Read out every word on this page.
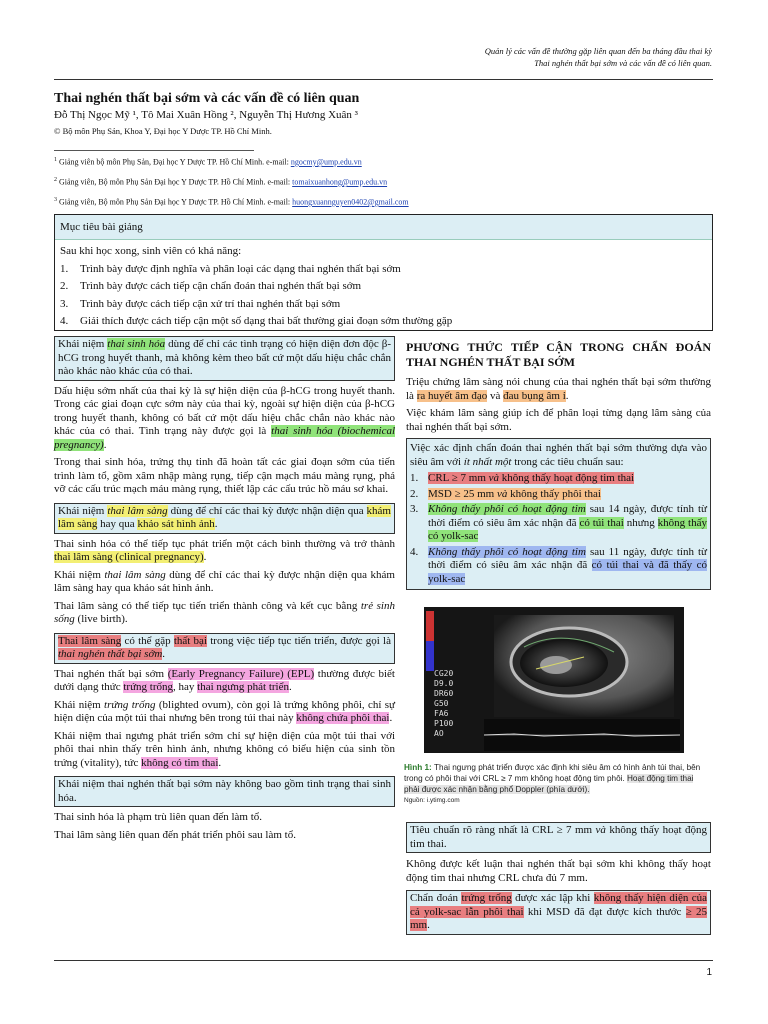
Quản lý các vấn đề thường gặp liên quan đến ba tháng đầu thai kỳ
Thai nghén thất bại sớm và các vấn đề có liên quan.
Thai nghén thất bại sớm và các vấn đề có liên quan
Đỗ Thị Ngọc Mỹ ¹, Tô Mai Xuân Hồng ², Nguyễn Thị Hương Xuân ³
© Bộ môn Phụ Sản, Khoa Y, Đại học Y Dược TP. Hồ Chí Minh.
$^1$ Giảng viên bộ môn Phụ Sản, Đại học Y Dược TP. Hồ Chí Minh. e-mail: ngocmy@ump.edu.vn
$^2$ Giảng viên, Bộ môn Phụ Sản Đại học Y Dược TP. Hồ Chí Minh. e-mail: tomaixuanhong@ump.edu.vn
$^3$ Giảng viên, Bộ môn Phụ Sản Đại học Y Dược TP. Hồ Chí Minh. e-mail: huongxuannguyen0402@gmail.com
Mục tiêu bài giảng
Sau khi học xong, sinh viên có khả năng:
1. Trình bày được định nghĩa và phân loại các dạng thai nghén thất bại sớm
2. Trình bày được cách tiếp cận chẩn đoán thai nghén thất bại sớm
3. Trình bày được cách tiếp cận xử trí thai nghén thất bại sớm
4. Giải thích được cách tiếp cận một số dạng thai bất thường giai đoạn sớm thường gặp
Khái niệm thai sinh hóa dùng để chỉ các tình trạng có hiện diện đơn độc β-hCG trong huyết thanh, mà không kèm theo bất cứ một dấu hiệu chắc chắn nào khác nào khác của có thai.
Dấu hiệu sớm nhất của thai kỳ là sự hiện diện của β-hCG trong huyết thanh. Trong các giai đoạn cực sớm này của thai kỳ, ngoài sự hiện diện của β-hCG trong huyết thanh, không có bất cứ một dấu hiệu chắc chắn nào khác nào khác của có thai. Tình trạng này được gọi là thai sinh hóa (biochemical pregnancy).
Trong thai sinh hóa, trứng thụ tinh đã hoàn tất các giai đoạn sớm của tiến trình làm tổ, gồm xâm nhập màng rụng, tiếp cận mạch máu màng rụng, phá vỡ các cấu trúc mạch máu màng rụng, thiết lập các cấu trúc hồ máu sơ khai.
Khái niệm thai lâm sàng dùng để chỉ các thai kỳ được nhận diện qua khám lâm sàng hay qua khảo sát hình ảnh.
Thai sinh hóa có thể tiếp tục phát triển một cách bình thường và trở thành thai lâm sàng (clinical pregnancy).
Khái niệm thai lâm sàng dùng để chỉ các thai kỳ được nhận diện qua khám lâm sàng hay qua khảo sát hình ảnh.
Thai lâm sàng có thể tiếp tục tiến triển thành công và kết cục bằng trẻ sinh sống (live birth).
Thai lâm sàng có thể gặp thất bại trong việc tiếp tục tiến triển, được gọi là thai nghén thất bại sớm.
Thai nghén thất bại sớm (Early Pregnancy Failure) (EPL) thường được biết dưới dạng thức trứng trống, hay thai ngưng phát triển.
Khái niệm trứng trống (blighted ovum), còn gọi là trứng không phôi, chỉ sự hiện diện của một túi thai nhưng bên trong túi thai này không chứa phôi thai.
Khái niệm thai ngưng phát triển sớm chỉ sự hiện diện của một túi thai với phôi thai nhìn thấy trên hình ảnh, nhưng không có biểu hiện của sinh tồn trứng (vitality), tức không có tim thai.
Khái niệm thai nghén thất bại sớm này không bao gồm tình trạng thai sinh hóa.
Thai sinh hóa là phạm trù liên quan đến làm tổ.
Thai lâm sàng liên quan đến phát triển phôi sau làm tổ.
PHƯƠNG THỨC TIẾP CẬN TRONG CHẨN ĐOÁN THAI NGHÉN THẤT BẠI SỚM
Triệu chứng lâm sàng nói chung của thai nghén thất bại sớm thường là ra huyết âm đạo và đau bụng âm ỉ.
Việc khám lâm sàng giúp ích để phân loại từng dạng lâm sàng của thai nghén thất bại sớm.
Việc xác định chẩn đoán thai nghén thất bại sớm thường dựa vào siêu âm với ít nhất một trong các tiêu chuẩn sau:
1. CRL ≥ 7 mm và không thấy hoạt động tim thai
2. MSD ≥ 25 mm và không thấy phôi thai
3. Không thấy phôi có hoạt động tim sau 14 ngày, được tính từ thời điểm có siêu âm xác nhận đã có túi thai nhưng không thấy có yolk-sac
4. Không thấy phôi có hoạt động tim sau 11 ngày, được tính từ thời điểm có siêu âm xác nhận đã có túi thai và đã thấy có yolk-sac
CG20
D9.0
DR60
G50
FA6
P100
AO
Hình 1: Thai ngưng phát triển được xác định khi siêu âm có hình ảnh túi thai, bên trong có phôi thai với CRL ≥ 7 mm không hoạt động tim phôi. Hoạt động tim thai phải được xác nhận bằng phổ Doppler (phía dưới).
Nguồn: i.ytimg.com
Tiêu chuẩn rõ ràng nhất là CRL ≥ 7 mm và không thấy hoạt động tim thai.
Không được kết luận thai nghén thất bại sớm khi không thấy hoạt động tim thai nhưng CRL chưa đủ 7 mm.
Chẩn đoán trứng trống được xác lập khi không thấy hiện diện của cả yolk-sac lẫn phôi thai khi MSD đã đạt được kích thước ≥ 25 mm.
1
